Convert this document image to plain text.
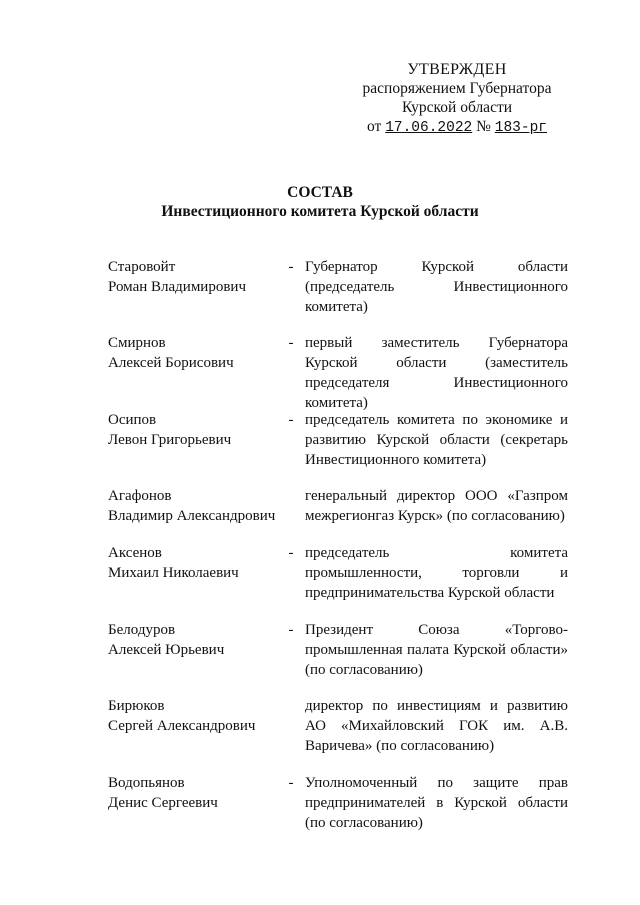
УТВЕРЖДЕН
распоряжением Губернатора
Курской области
от 17.06.2022 № 183-рг
СОСТАВ
Инвестиционного комитета Курской области
Старовойт
Роман Владимирович
- Губернатор Курской области (председатель Инвестиционного комитета)
Смирнов
Алексей Борисович
- первый заместитель Губернатора Курской области (заместитель председателя Инвестиционного комитета)
Осипов
Левон Григорьевич
- председатель комитета по экономике и развитию Курской области (секретарь Инвестиционного комитета)
Агафонов
Владимир Александрович
генеральный директор ООО «Газпром межрегионгаз Курск» (по согласованию)
Аксенов
Михаил Николаевич
- председатель комитета промышленности, торговли и предпринимательства Курской области
Белодуров
Алексей Юрьевич
- Президент Союза «Торгово-промышленная палата Курской области» (по согласованию)
Бирюков
Сергей Александрович
директор по инвестициям и развитию АО «Михайловский ГОК им. А.В. Варичева» (по согласованию)
Водопьянов
Денис Сергеевич
- Уполномоченный по защите прав предпринимателей в Курской области (по согласованию)
